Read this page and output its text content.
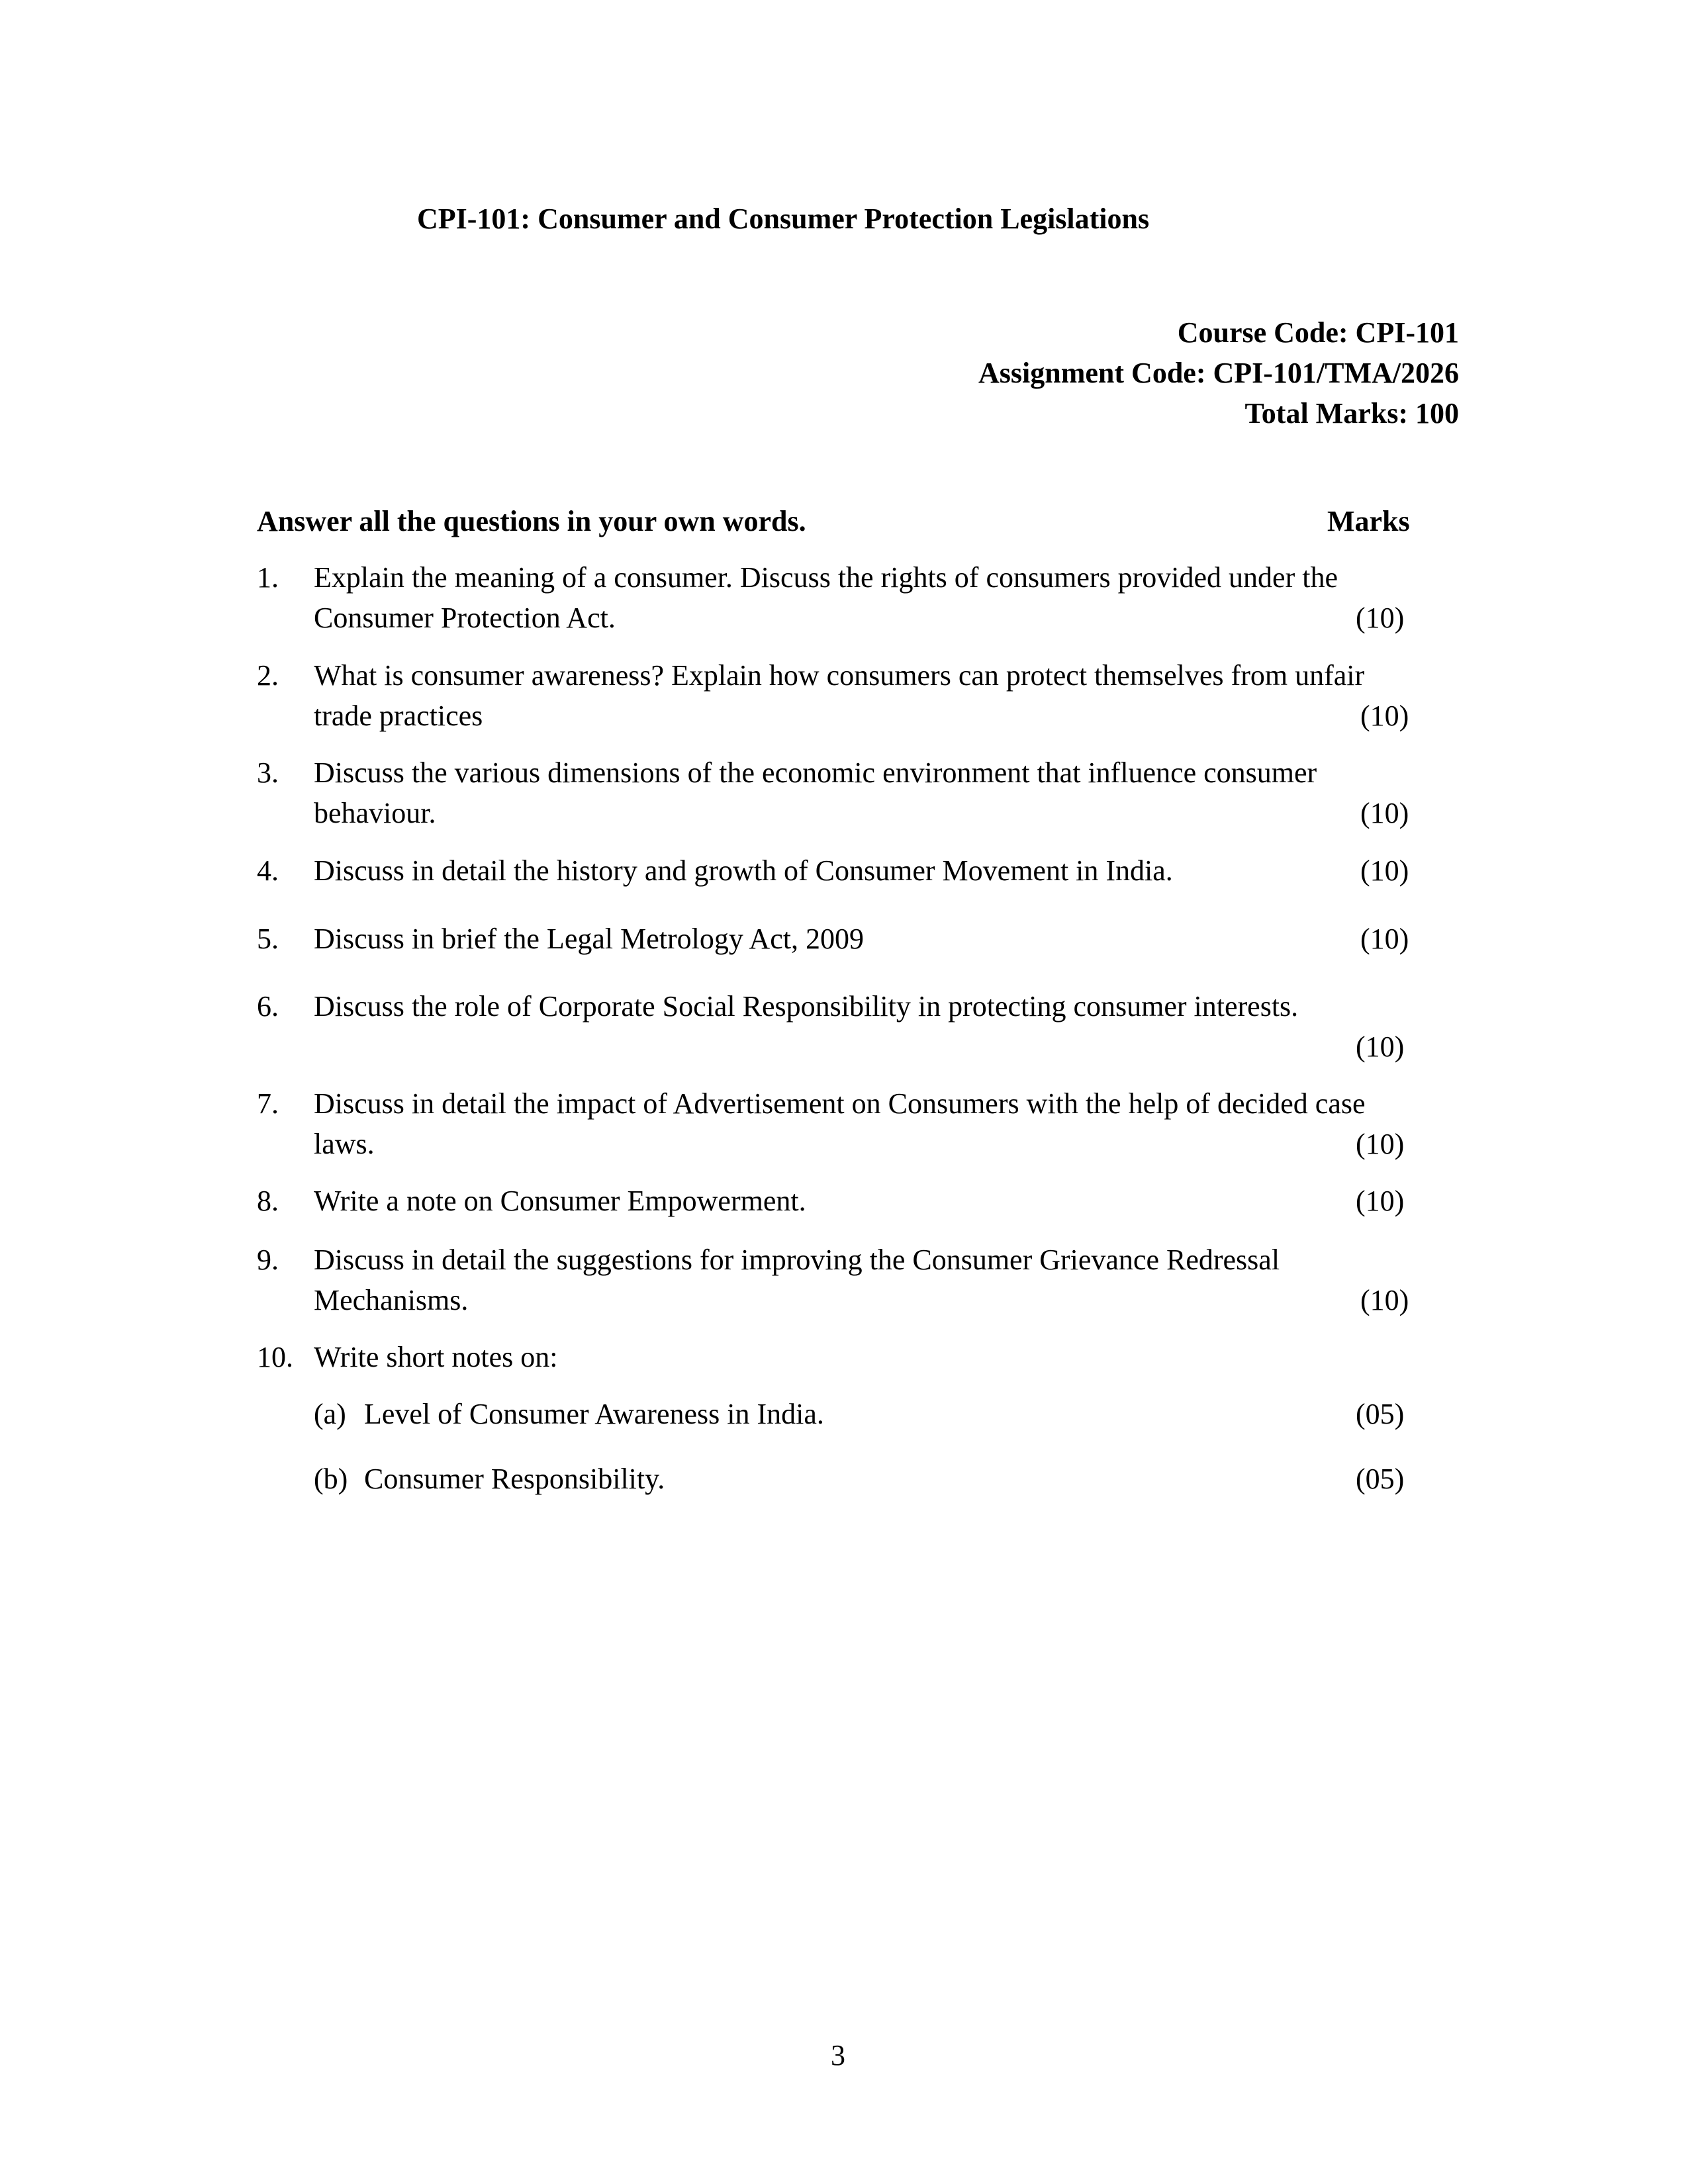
CPI-101: Consumer and Consumer Protection Legislations
Course Code: CPI-101
Assignment Code: CPI-101/TMA/2026
Total Marks: 100
Answer all the questions in your own words.	Marks
1. Explain the meaning of a consumer. Discuss the rights of consumers provided under the
Consumer Protection Act.	(10)
2. What is consumer awareness? Explain how consumers can protect themselves from unfair
trade practices	(10)
3. Discuss the various dimensions of the economic environment that influence consumer
behaviour.	(10)
4. Discuss in detail the history and growth of Consumer Movement in India.	(10)
5. Discuss in brief the Legal Metrology Act, 2009	(10)
6. Discuss the role of Corporate Social Responsibility in protecting consumer interests.
(10)
7. Discuss in detail the impact of Advertisement on Consumers with the help of decided case
laws.	(10)
8. Write a note on Consumer Empowerment.	(10)
9. Discuss in detail the suggestions for improving the Consumer Grievance Redressal
Mechanisms.	(10)
10. Write short notes on:
(a) Level of Consumer Awareness in India.	(05)
(b) Consumer Responsibility.	(05)
3
